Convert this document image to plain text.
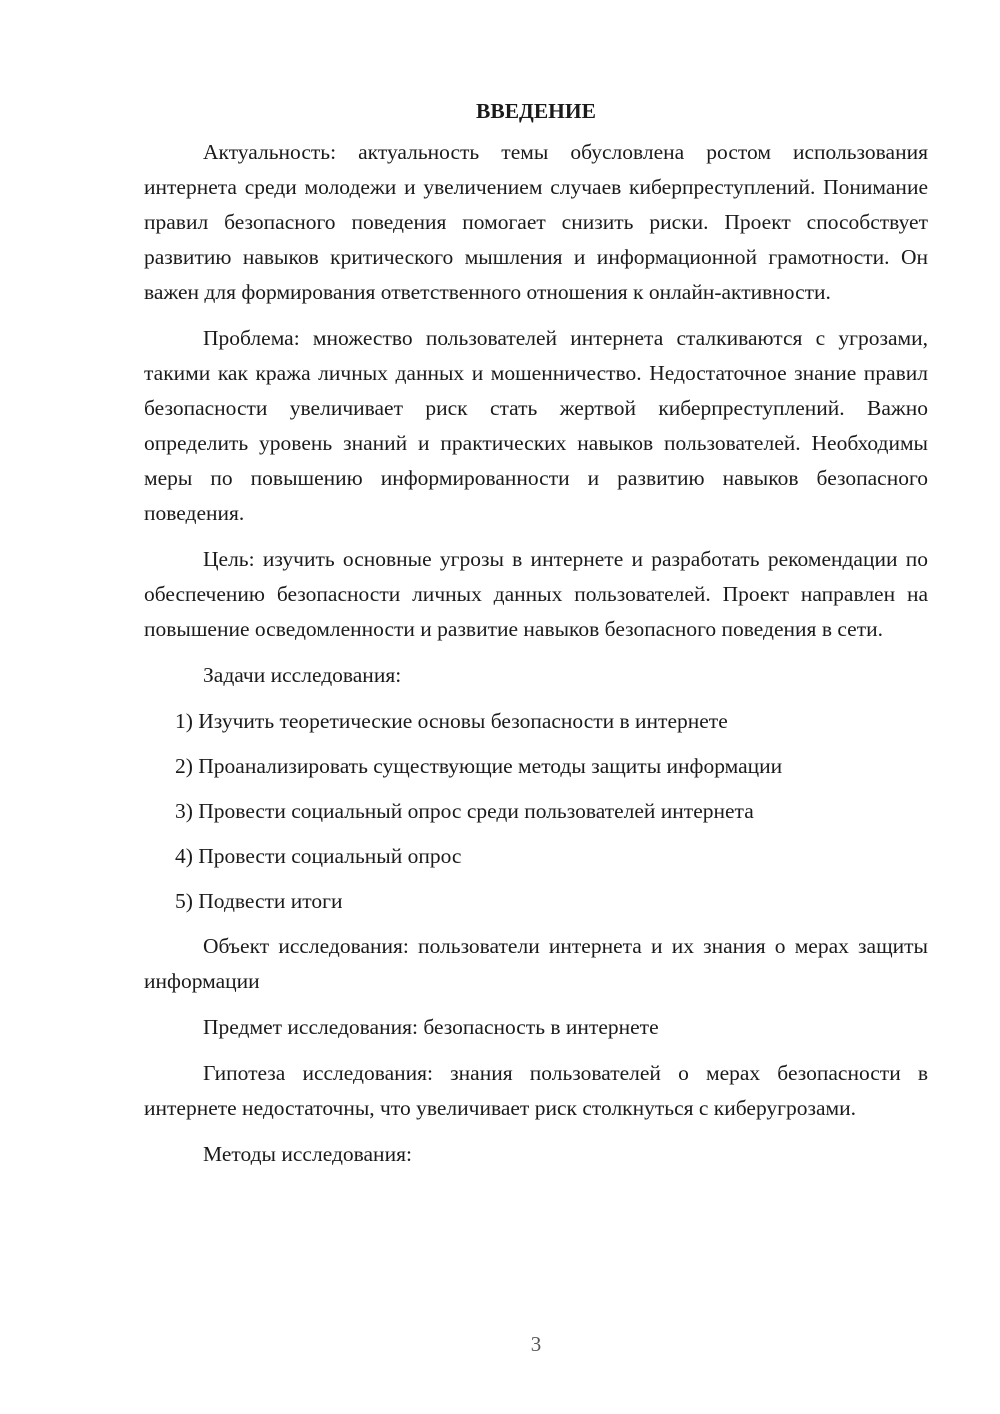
ВВЕДЕНИЕ

Актуальность: актуальность темы обусловлена ростом использования интернета среди молодежи и увеличением случаев киберпреступлений. Понимание правил безопасного поведения помогает снизить риски. Проект способствует развитию навыков критического мышления и информационной грамотности. Он важен для формирования ответственного отношения к онлайн-активности.

Проблема: множество пользователей интернета сталкиваются с угрозами, такими как кража личных данных и мошенничество. Недостаточное знание правил безопасности увеличивает риск стать жертвой киберпреступлений. Важно определить уровень знаний и практических навыков пользователей. Необходимы меры по повышению информированности и развитию навыков безопасного поведения.

Цель: изучить основные угрозы в интернете и разработать рекомендации по обеспечению безопасности личных данных пользователей. Проект направлен на повышение осведомленности и развитие навыков безопасного поведения в сети.

Задачи исследования:

1) Изучить теоретические основы безопасности в интернете
2) Проанализировать существующие методы защиты информации
3) Провести социальный опрос среди пользователей интернета
4) Провести социальный опрос
5) Подвести итоги

Объект исследования: пользователи интернета и их знания о мерах защиты информации

Предмет исследования: безопасность в интернете

Гипотеза исследования: знания пользователей о мерах безопасности в интернете недостаточны, что увеличивает риск столкнуться с киберугрозами.

Методы исследования:

3
